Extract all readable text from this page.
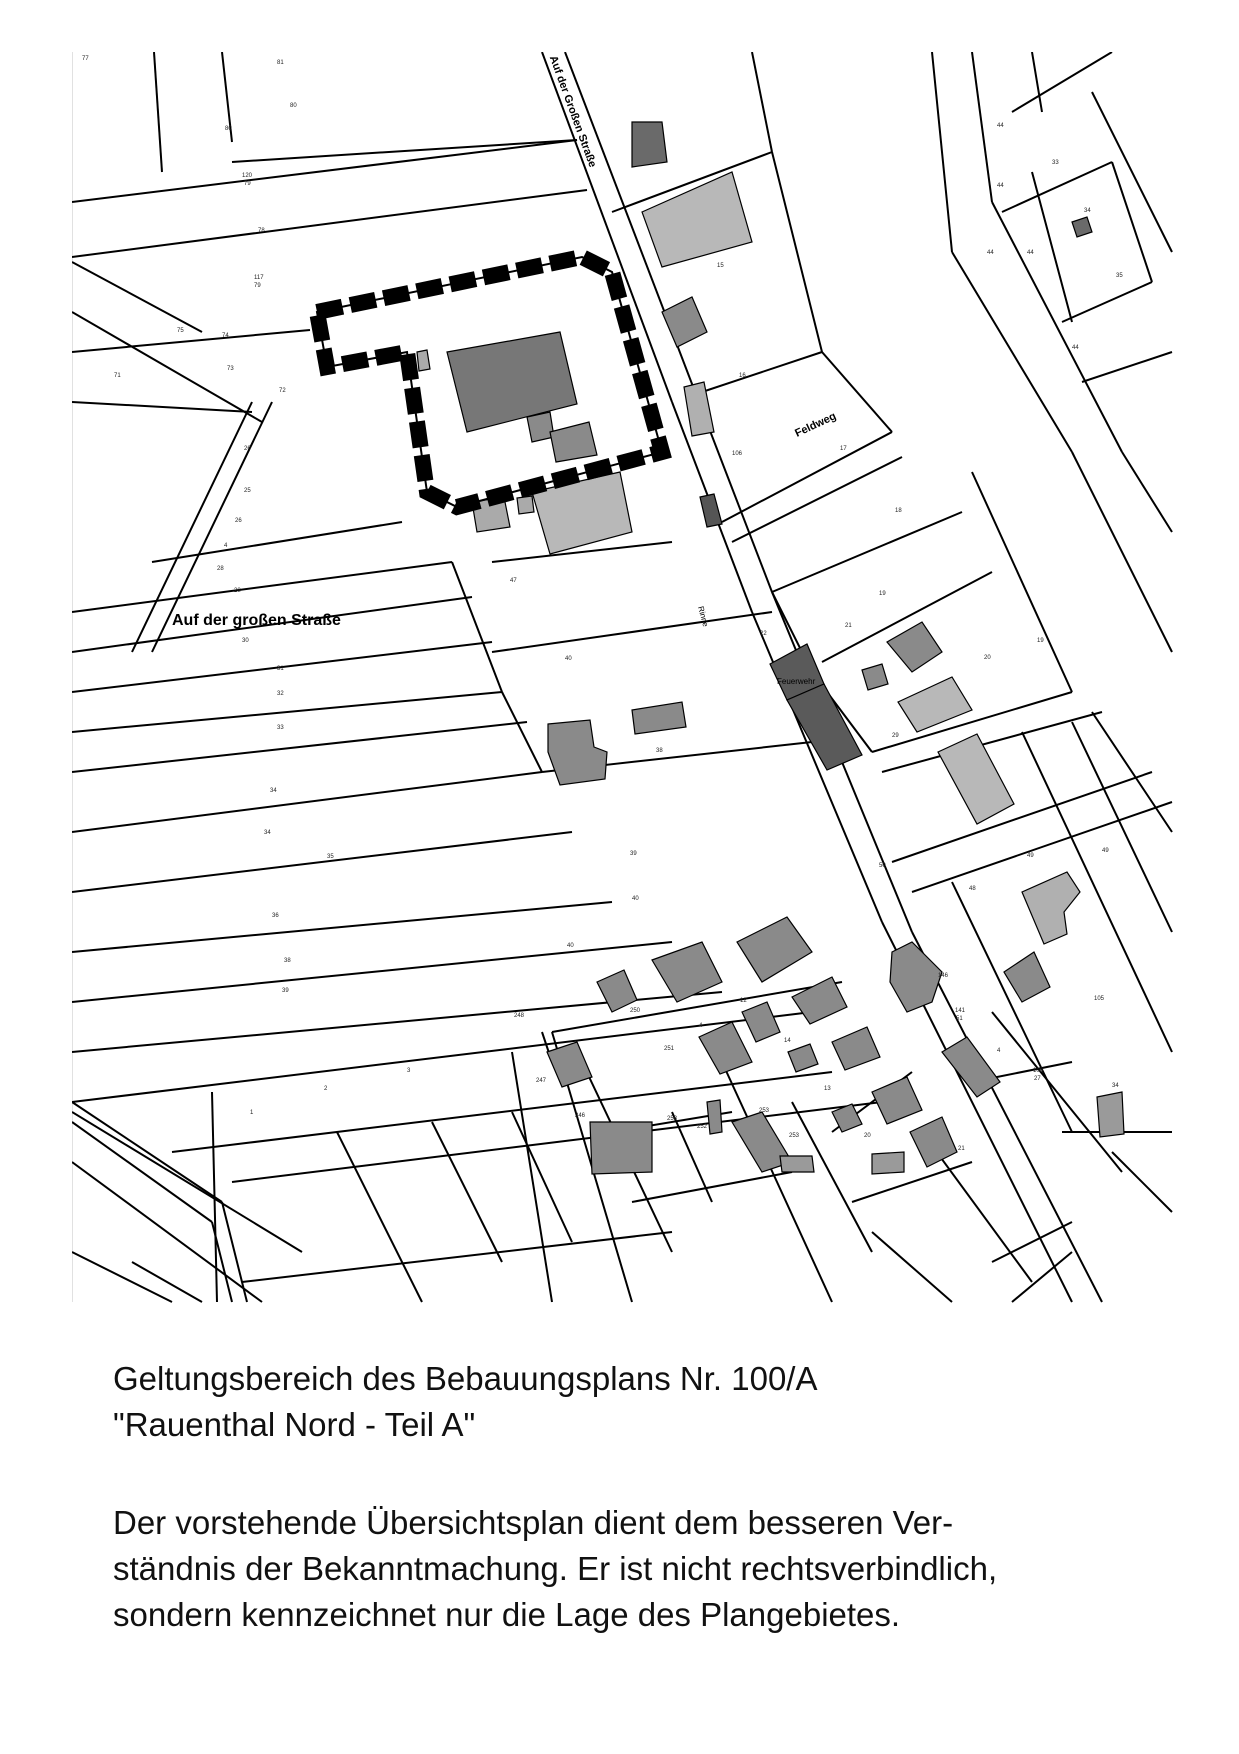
Auf der großen Straße
Auf der Großen Straße
Feldweg
Feuerwehr
Rinne
77
81
80
80
120
79
117
79
78
75
74
73
71
72
26
25
26
4
28
28
30
31
32
33
34
34
35
36
38
39
40
38
39
40
40
15
16
17
18
106
22
21
19
19
20
29
47
49
49
48
50
44
44
44
44
33
34
35
44
248
250
251
247
246
252
253
253
258
1
2
3
4
12
13
14
20
141
146
51
4
105
106
27
21
34
Geltungsbereich des Bebauungsplans Nr. 100/A
"Rauenthal Nord - Teil A"
Der vorstehende Übersichtsplan dient dem besseren Ver-
ständnis der Bekanntmachung. Er ist nicht rechtsverbindlich,
sondern kennzeichnet nur die Lage des Plangebietes.
